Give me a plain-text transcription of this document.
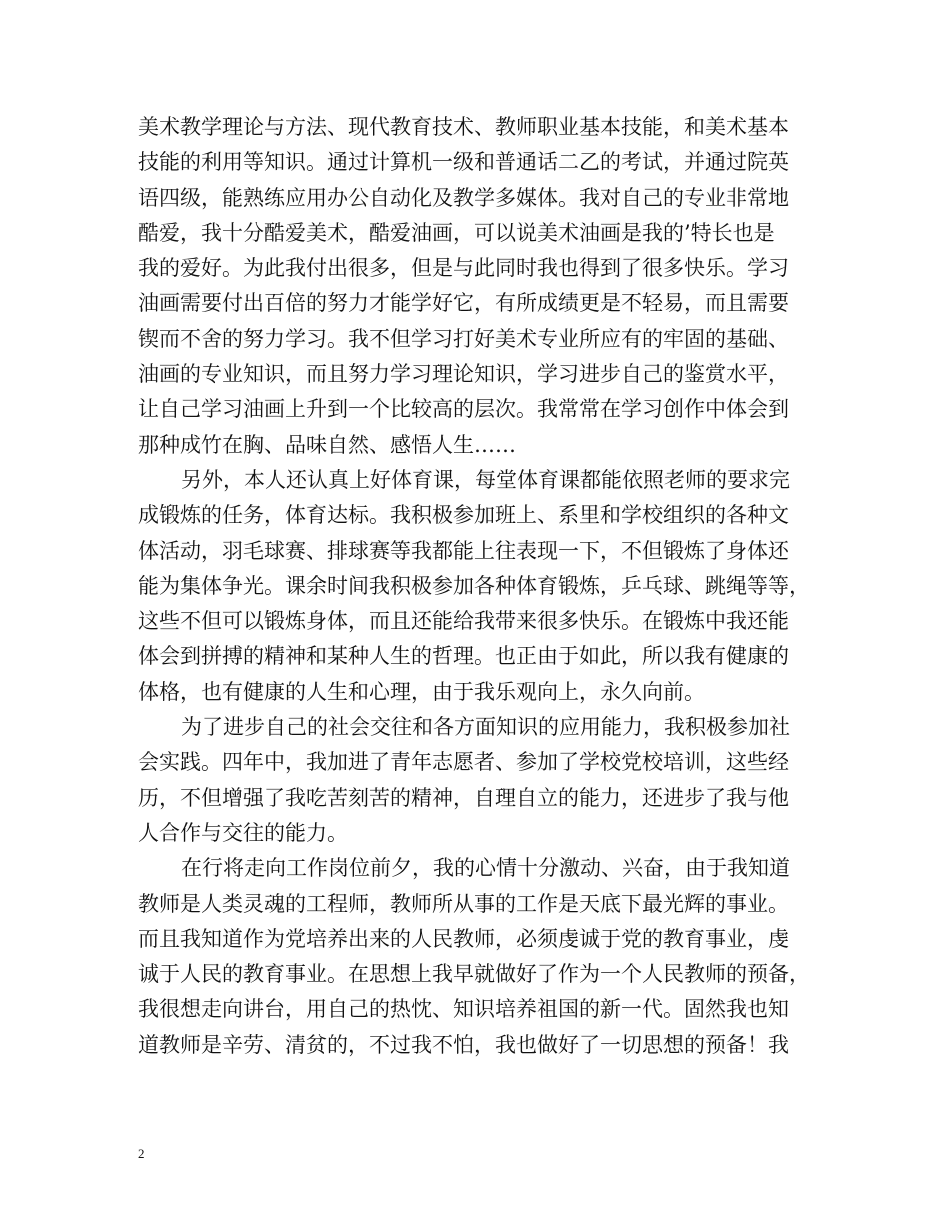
美术教学理论与方法、现代教育技术、教师职业基本技能，和美术基本
技能的利用等知识。通过计算机一级和普通话二乙的考试，并通过院英
语四级，能熟练应用办公自动化及教学多媒体。我对自己的专业非常地
酷爱，我十分酷爱美术，酷爱油画，可以说美术油画是我的’特长也是
我的爱好。为此我付出很多，但是与此同时我也得到了很多快乐。学习
油画需要付出百倍的努力才能学好它，有所成绩更是不轻易，而且需要
锲而不舍的努力学习。我不但学习打好美术专业所应有的牢固的基础、
油画的专业知识，而且努力学习理论知识，学习进步自己的鉴赏水平，
让自己学习油画上升到一个比较高的层次。我常常在学习创作中体会到
那种成竹在胸、品味自然、感悟人生……
另外，本人还认真上好体育课，每堂体育课都能依照老师的要求完
成锻炼的任务，体育达标。我积极参加班上、系里和学校组织的各种文
体活动，羽毛球赛、排球赛等我都能上往表现一下，不但锻炼了身体还
能为集体争光。课余时间我积极参加各种体育锻炼，乒乓球、跳绳等等，
这些不但可以锻炼身体，而且还能给我带来很多快乐。在锻炼中我还能
体会到拼搏的精神和某种人生的哲理。也正由于如此，所以我有健康的
体格，也有健康的人生和心理，由于我乐观向上，永久向前。
为了进步自己的社会交往和各方面知识的应用能力，我积极参加社
会实践。四年中，我加进了青年志愿者、参加了学校党校培训，这些经
历，不但增强了我吃苦刻苦的精神，自理自立的能力，还进步了我与他
人合作与交往的能力。
在行将走向工作岗位前夕，我的心情十分激动、兴奋，由于我知道
教师是人类灵魂的工程师，教师所从事的工作是天底下最光辉的事业。
而且我知道作为党培养出来的人民教师，必须虔诚于党的教育事业，虔
诚于人民的教育事业。在思想上我早就做好了作为一个人民教师的预备，
我很想走向讲台，用自己的热忱、知识培养祖国的新一代。固然我也知
道教师是辛劳、清贫的，不过我不怕，我也做好了一切思想的预备！我
2
